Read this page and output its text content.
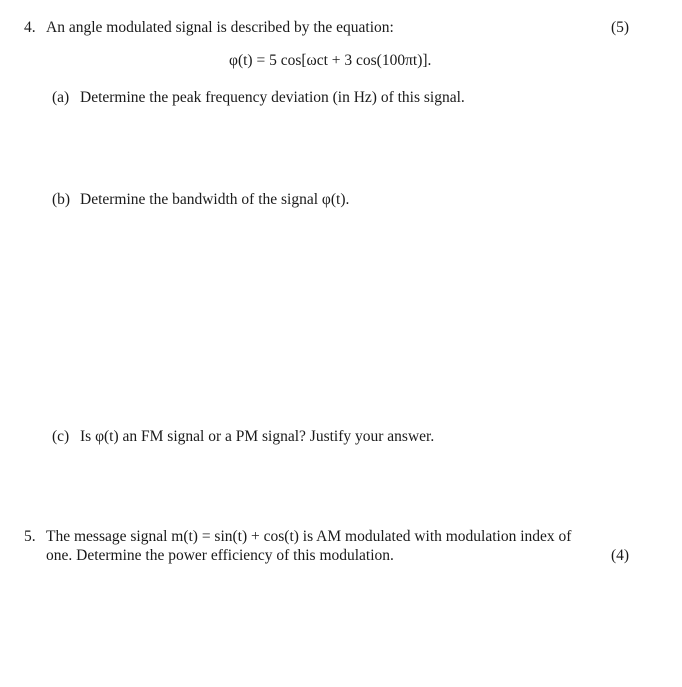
4. An angle modulated signal is described by the equation:	(5)
φ(t) = 5 cos[ωct + 3 cos(100πt)].
(a) Determine the peak frequency deviation (in Hz) of this signal.
(b) Determine the bandwidth of the signal φ(t).
(c) Is φ(t) an FM signal or a PM signal? Justify your answer.
5. The message signal m(t) = sin(t) + cos(t) is AM modulated with modulation index of
one. Determine the power efficiency of this modulation.	(4)
